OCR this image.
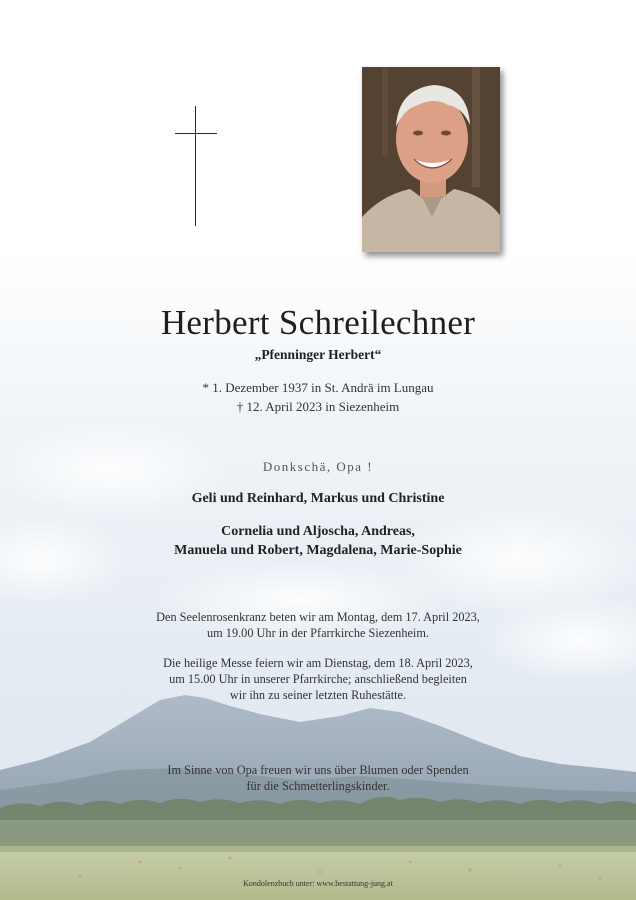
Herbert Schreilechner
„Pfenninger Herbert“
* 1. Dezember 1937 in St. Andrä im Lungau
† 12. April 2023 in Siezenheim
Donkschä, Opa !
Geli und Reinhard, Markus und Christine
Cornelia und Aljoscha, Andreas,
Manuela und Robert, Magdalena, Marie-Sophie
Den Seelenrosenkranz beten wir am Montag, dem 17. April 2023,
um 19.00 Uhr in der Pfarrkirche Siezenheim.
Die heilige Messe feiern wir am Dienstag, dem 18. April 2023,
um 15.00 Uhr in unserer Pfarrkirche; anschließend begleiten
wir ihn zu seiner letzten Ruhestätte.
Im Sinne von Opa freuen wir uns über Blumen oder Spenden
für die Schmetterlingskinder.
Kondolenzbuch unter: www.bestattung-jung.at
